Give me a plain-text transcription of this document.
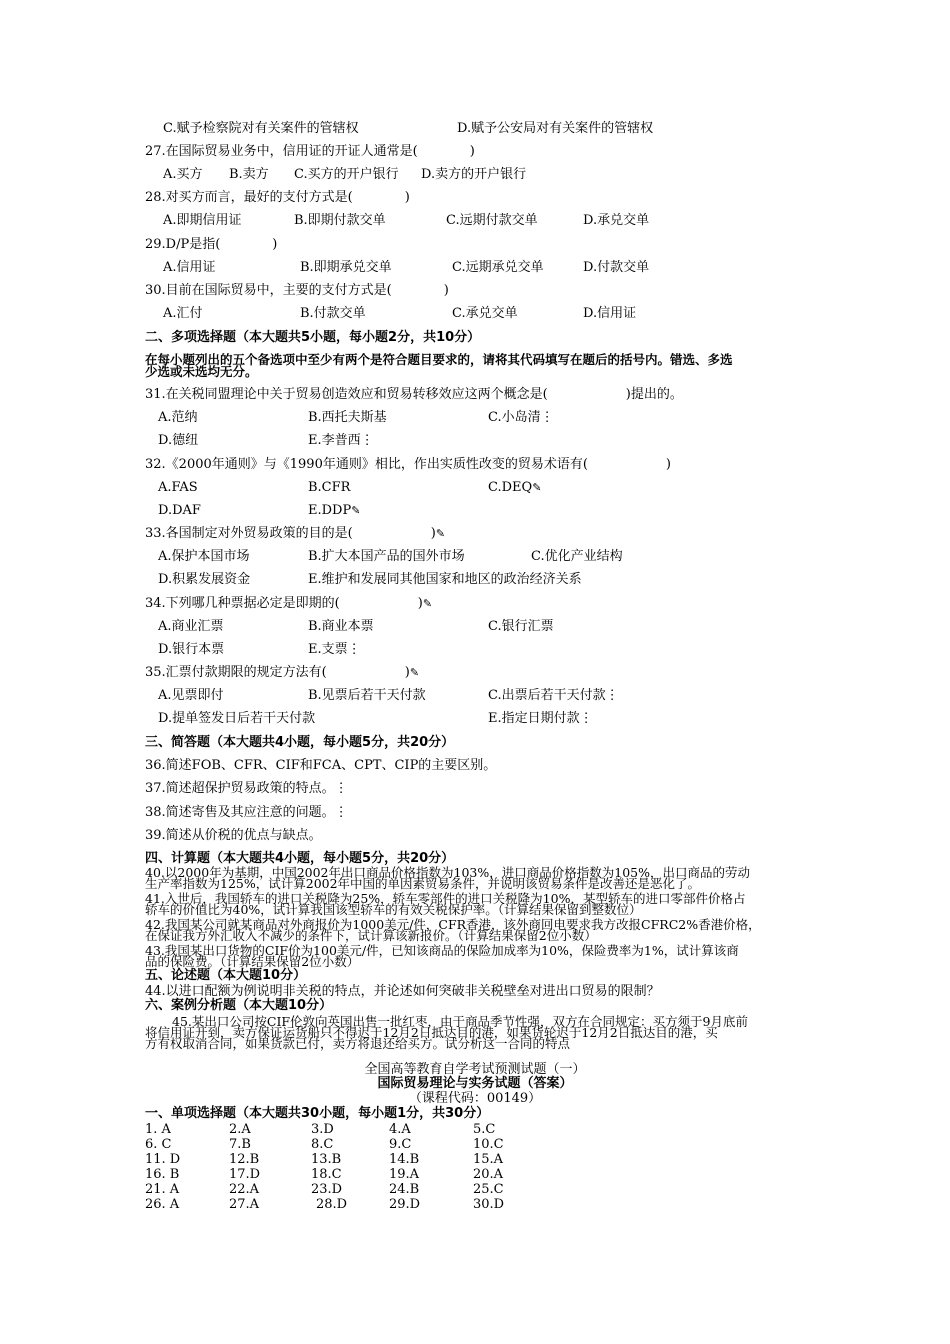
C.赋予检察院对有关案件的管辖权	D.赋予公安局对有关案件的管辖权
27.在国际贸易业务中，信用证的开证人通常是(　　　　)
A.买方 B.卖方 C.买方的开户银行 D.卖方的开户银行
28.对买方而言，最好的支付方式是(　　　　)
A.即期信用证	B.即期付款交单	C.远期付款交单	D.承兑交单
29.D/P是指(　　　　)
A.信用证	B.即期承兑交单	C.远期承兑交单	D.付款交单
30.目前在国际贸易中，主要的支付方式是(　　　　)
A.汇付	B.付款交单	C.承兑交单	D.信用证
二、多项选择题（本大题共5小题，每小题2分，共10分）
在每小题列出的五个备选项中至少有两个是符合题目要求的，请将其代码填写在题后的括号内。错选、多选
少选或未选均无分。
31.在关税同盟理论中关于贸易创造效应和贸易转移效应这两个概念是(　　　　　　)提出的。
A.范纳	B.西托夫斯基	C.小岛清⋮
D.德纽	E.李普西⋮
32.《2000年通则》与《1990年通则》相比，作出实质性改变的贸易术语有(　　　　　　)
A.FAS	B.CFR	C.DEQ✎
D.DAF	E.DDP✎
33.各国制定对外贸易政策的目的是(　　　　　　)✎
A.保护本国市场	B.扩大本国产品的国外市场	C.优化产业结构
D.积累发展资金	E.维护和发展同其他国家和地区的政治经济关系
34.下列哪几种票据必定是即期的(　　　　　　)✎
A.商业汇票	B.商业本票	C.银行汇票
D.银行本票	E.支票⋮
35.汇票付款期限的规定方法有(　　　　　　)✎
A.见票即付	B.见票后若干天付款	C.出票后若干天付款⋮
D.提单签发日后若干天付款	E.指定日期付款⋮
三、简答题（本大题共4小题，每小题5分，共20分）
36.简述FOB、CFR、CIF和FCA、CPT、CIP的主要区别。
37.简述超保护贸易政策的特点。⋮
38.简述寄售及其应注意的问题。⋮
39.简述从价税的优点与缺点。
四、计算题（本大题共4小题，每小题5分，共20分）
40.以2000年为基期，中国2002年出口商品价格指数为103%，进口商品价格指数为105%，出口商品的劳动
生产率指数为125%，试计算2002年中国的单因素贸易条件，并说明该贸易条件是改善还是恶化了。
41.入世后，我国轿车的进口关税降为25%，轿车零部件的进口关税降为10%，某型轿车的进口零部件价格占
轿车的价值比为40%，试计算我国该型轿车的有效关税保护率。（计算结果保留到整数位）
42.我国某公司就某商品对外商报价为1000美元/件，CFR香港，该外商回电要求我方改报CFRC2%香港价格，
在保证我方外汇收入不减少的条件下，试计算该新报价。（计算结果保留2位小数）
43.我国某出口货物的CIF价为100美元/件，已知该商品的保险加成率为10%，保险费率为1%，试计算该商
品的保险费。（计算结果保留2位小数）
五、论述题（本大题10分）
44.以进口配额为例说明非关税的特点，并论述如何突破非关税壁垒对进出口贸易的限制？
六、案例分析题（本大题10分）
45.某出口公司按CIF伦敦向英国出售一批红枣，由于商品季节性强，双方在合同规定：买方须于9月底前
将信用证开到，卖方保证运货船只不得迟于12月2日抵达目的港，如果货轮迟于12月2日抵达目的港，买
方有权取消合同，如果货款已付，卖方将退还给买方。试分析这一合同的特点
全国高等教育自学考试预测试题（一）
国际贸易理论与实务试题（答案）
（课程代码：00149）
一、单项选择题（本大题共30小题，每小题1分，共30分）
1. A	2.A	3.D	4.A	5.C
6. C	7.B	8.C	9.C	10.C
11. D	12.B	13.B	14.B	15.A
16. B	17.D	18.C	19.A	20.A
21. A	22.A	23.D	24.B	25.C
26. A	27.A	28.D	29.D	30.D
